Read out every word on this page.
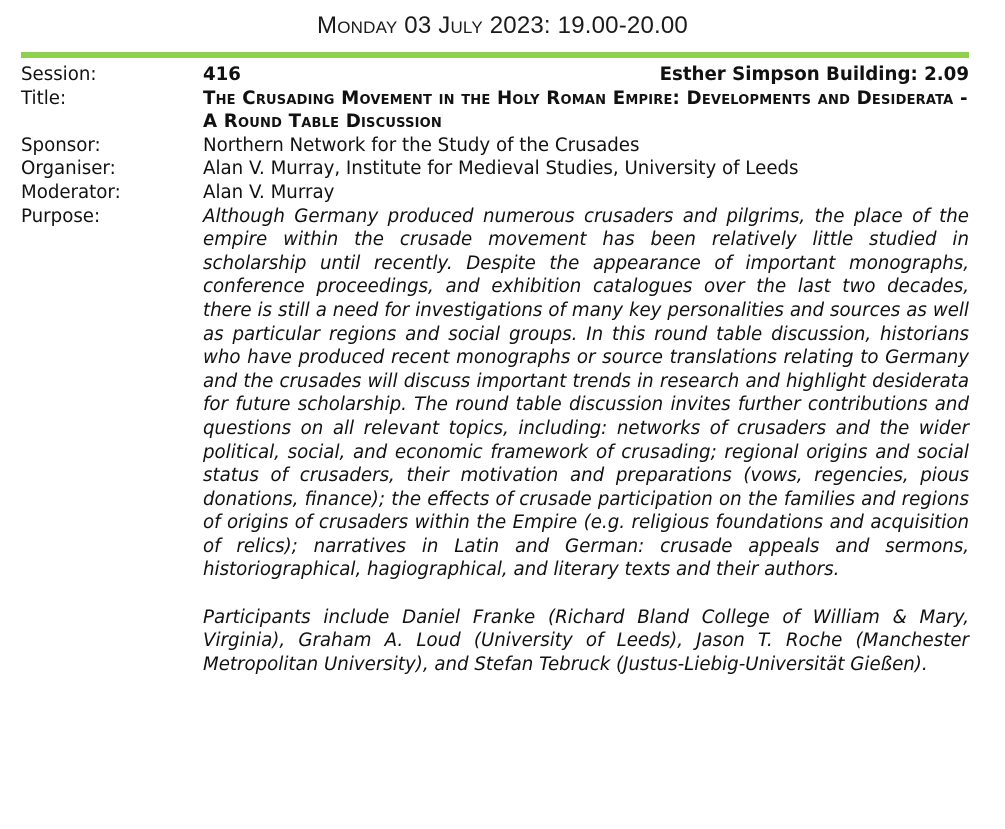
Monday 03 July 2023: 19.00-20.00
Session:	416	Esther Simpson Building: 2.09
Title:	The Crusading Movement in the Holy Roman Empire: Developments and Desiderata - A Round Table Discussion
Sponsor:	Northern Network for the Study of the Crusades
Organiser:	Alan V. Murray, Institute for Medieval Studies, University of Leeds
Moderator:	Alan V. Murray
Purpose:	Although Germany produced numerous crusaders and pilgrims, the place of the empire within the crusade movement has been relatively little studied in scholarship until recently. Despite the appearance of important monographs, conference proceedings, and exhibition catalogues over the last two decades, there is still a need for investigations of many key personalities and sources as well as particular regions and social groups. In this round table discussion, historians who have produced recent monographs or source translations relating to Germany and the crusades will discuss important trends in research and highlight desiderata for future scholarship. The round table discussion invites further contributions and questions on all relevant topics, including: networks of crusaders and the wider political, social, and economic framework of crusading; regional origins and social status of crusaders, their motivation and preparations (vows, regencies, pious donations, finance); the effects of crusade participation on the families and regions of origins of crusaders within the Empire (e.g. religious foundations and acquisition of relics); narratives in Latin and German: crusade appeals and sermons, historiographical, hagiographical, and literary texts and their authors.

Participants include Daniel Franke (Richard Bland College of William & Mary, Virginia), Graham A. Loud (University of Leeds), Jason T. Roche (Manchester Metropolitan University), and Stefan Tebruck (Justus-Liebig-Universität Gießen).
